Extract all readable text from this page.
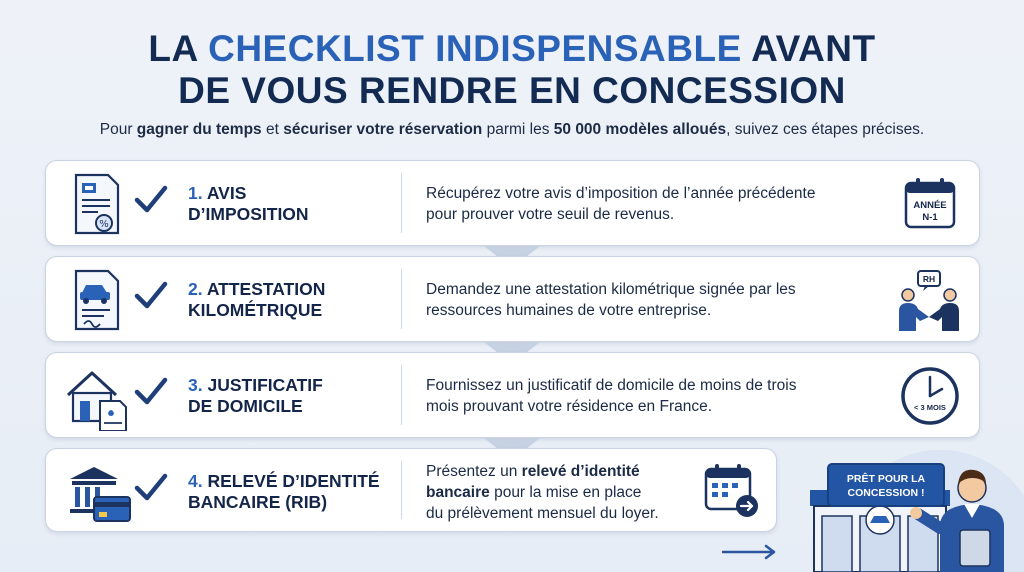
LA CHECKLIST INDISPENSABLE AVANT
DE VOUS RENDRE EN CONCESSION
Pour gagner du temps et sécuriser votre réservation parmi les 50 000 modèles alloués, suivez ces étapes précises.
%
1. AVIS
D’IMPOSITION
Récupérez votre avis d’imposition de l’année précédente
pour prouver votre seuil de revenus.
ANNÉE
N-1
2. ATTESTATION
KILOMÉTRIQUE
Demandez une attestation kilométrique signée par les
ressources humaines de votre entreprise.
RH
3. JUSTIFICATIF
DE DOMICILE
Fournissez un justificatif de domicile de moins de trois
mois prouvant votre résidence en France.	< 3 MOIS
4. RELEVÉ D’IDENTITÉ
BANCAIRE (RIB)
Présentez un relevé d’identité
bancaire pour la mise en place
du prélèvement mensuel du loyer.
PRÊT POUR LA
CONCESSION !
